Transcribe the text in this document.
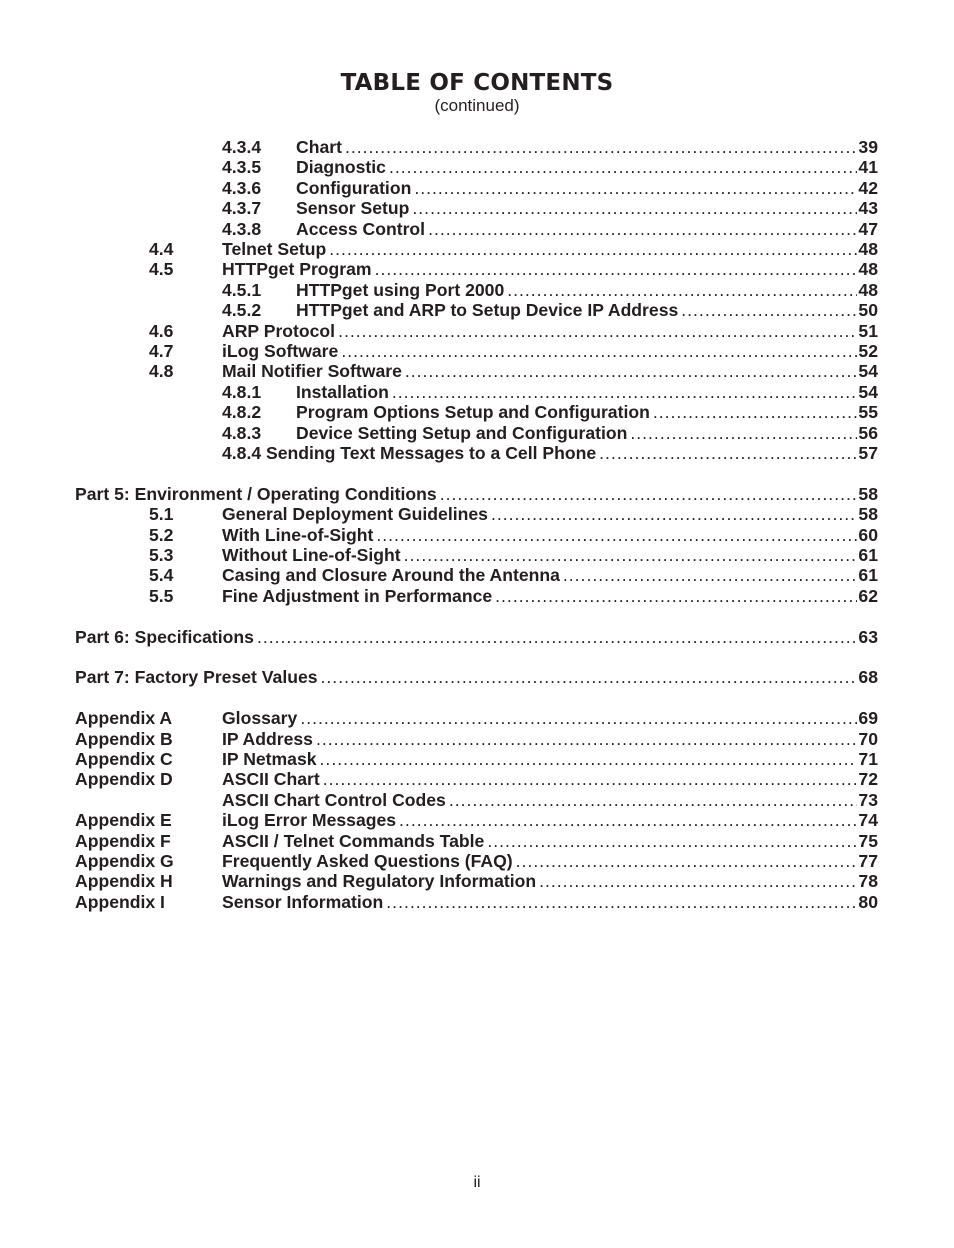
TABLE OF CONTENTS
(continued)
4.3.4 Chart .....	39
4.3.5 Diagnostic .....	41
4.3.6 Configuration .....	42
4.3.7 Sensor Setup .....	43
4.3.8 Access Control .....	47
4.4	Telnet Setup .....	48
4.5	HTTPget Program .....	48
4.5.1 HTTPget using Port 2000 .....	48
4.5.2 HTTPget and ARP to Setup Device IP Address .....	50
4.6	ARP Protocol .....	51
4.7	iLog Software .....	52
4.8	Mail Notifier Software .....	54
4.8.1 Installation .....	54
4.8.2 Program Options Setup and Configuration .....	55
4.8.3 Device Setting Setup and Configuration .....	56
4.8.4 Sending Text Messages to a Cell Phone .....	57
Part 5: Environment / Operating Conditions .....	58
5.1	General Deployment Guidelines .....	58
5.2	With Line-of-Sight .....	60
5.3	Without Line-of-Sight .....	61
5.4	Casing and Closure Around the Antenna .....	61
5.5	Fine Adjustment in Performance .....	62
Part 6: Specifications .....	63
Part 7: Factory Preset Values .....	68
Appendix A	Glossary .....	69
Appendix B	IP Address .....	70
Appendix C	IP Netmask .....	71
Appendix D	ASCII Chart .....	72
ASCII Chart Control Codes .....	73
Appendix E	iLog Error Messages .....	74
Appendix F	ASCII / Telnet Commands Table .....	75
Appendix G	Frequently Asked Questions (FAQ) .....	77
Appendix H	Warnings and Regulatory Information .....	78
Appendix I	Sensor Information .....	80
ii
